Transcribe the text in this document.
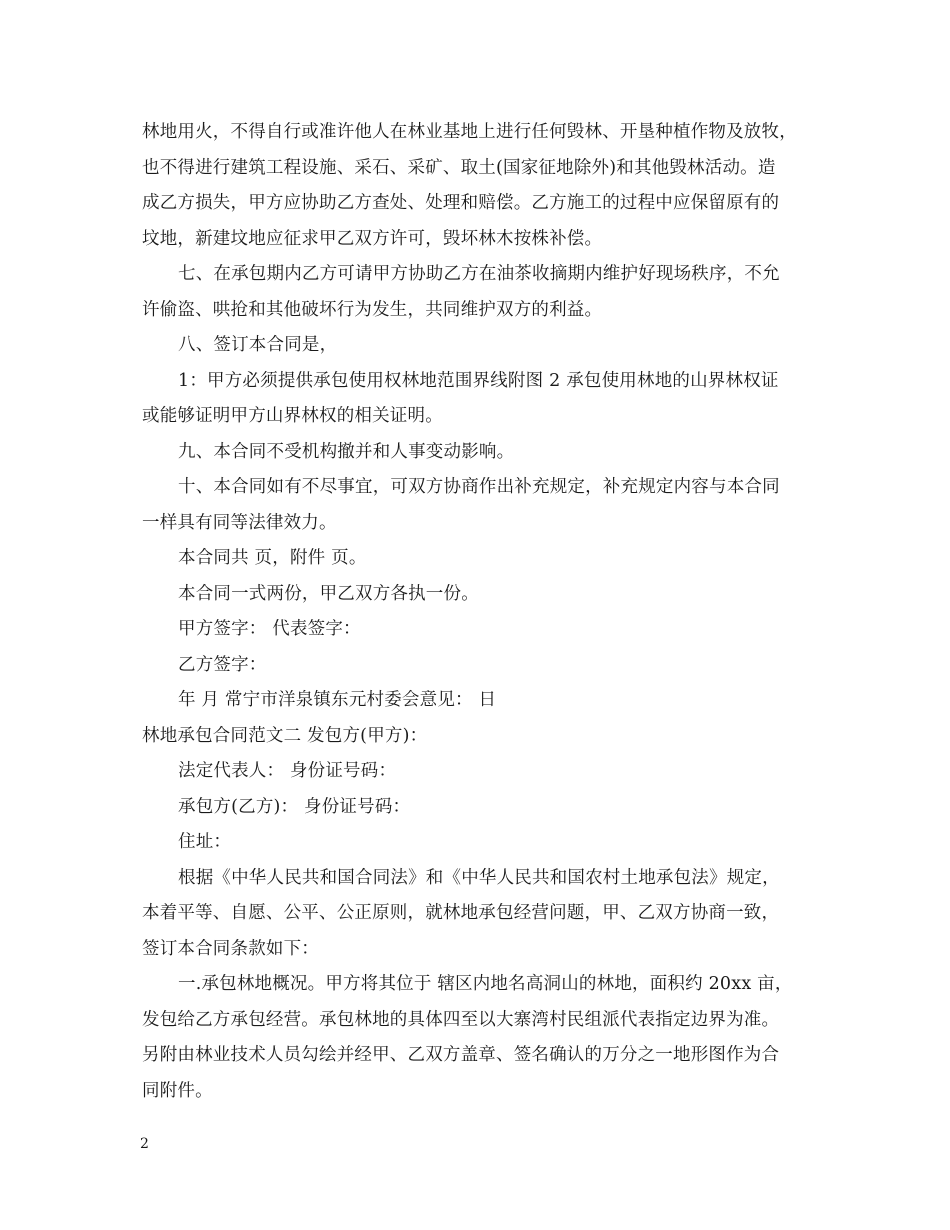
林地用火，不得自行或准许他人在林业基地上进行任何毁林、开垦种植作物及放牧，
也不得进行建筑工程设施、采石、采矿、取土(国家征地除外)和其他毁林活动。造
成乙方损失，甲方应协助乙方查处、处理和赔偿。乙方施工的过程中应保留原有的
坟地，新建坟地应征求甲乙双方许可，毁坏林木按株补偿。
七、在承包期内乙方可请甲方协助乙方在油茶收摘期内维护好现场秩序，不允
许偷盗、哄抢和其他破坏行为发生，共同维护双方的利益。
八、签订本合同是，
1：甲方必须提供承包使用权林地范围界线附图 2 承包使用林地的山界林权证
或能够证明甲方山界林权的相关证明。
九、本合同不受机构撤并和人事变动影响。
十、本合同如有不尽事宜，可双方协商作出补充规定，补充规定内容与本合同
一样具有同等法律效力。
本合同共 页，附件 页。
本合同一式两份，甲乙双方各执一份。
甲方签字： 代表签字：
乙方签字：
年 月 常宁市洋泉镇东元村委会意见： 日
林地承包合同范文二 发包方(甲方)：
法定代表人： 身份证号码：
承包方(乙方)： 身份证号码：
住址：
根据《中华人民共和国合同法》和《中华人民共和国农村土地承包法》规定，
本着平等、自愿、公平、公正原则，就林地承包经营问题，甲、乙双方协商一致，
签订本合同条款如下：
一.承包林地概况。甲方将其位于 辖区内地名高洞山的林地，面积约 20xx 亩，
发包给乙方承包经营。承包林地的具体四至以大寨湾村民组派代表指定边界为准。
另附由林业技术人员勾绘并经甲、乙双方盖章、签名确认的万分之一地形图作为合
同附件。
2
